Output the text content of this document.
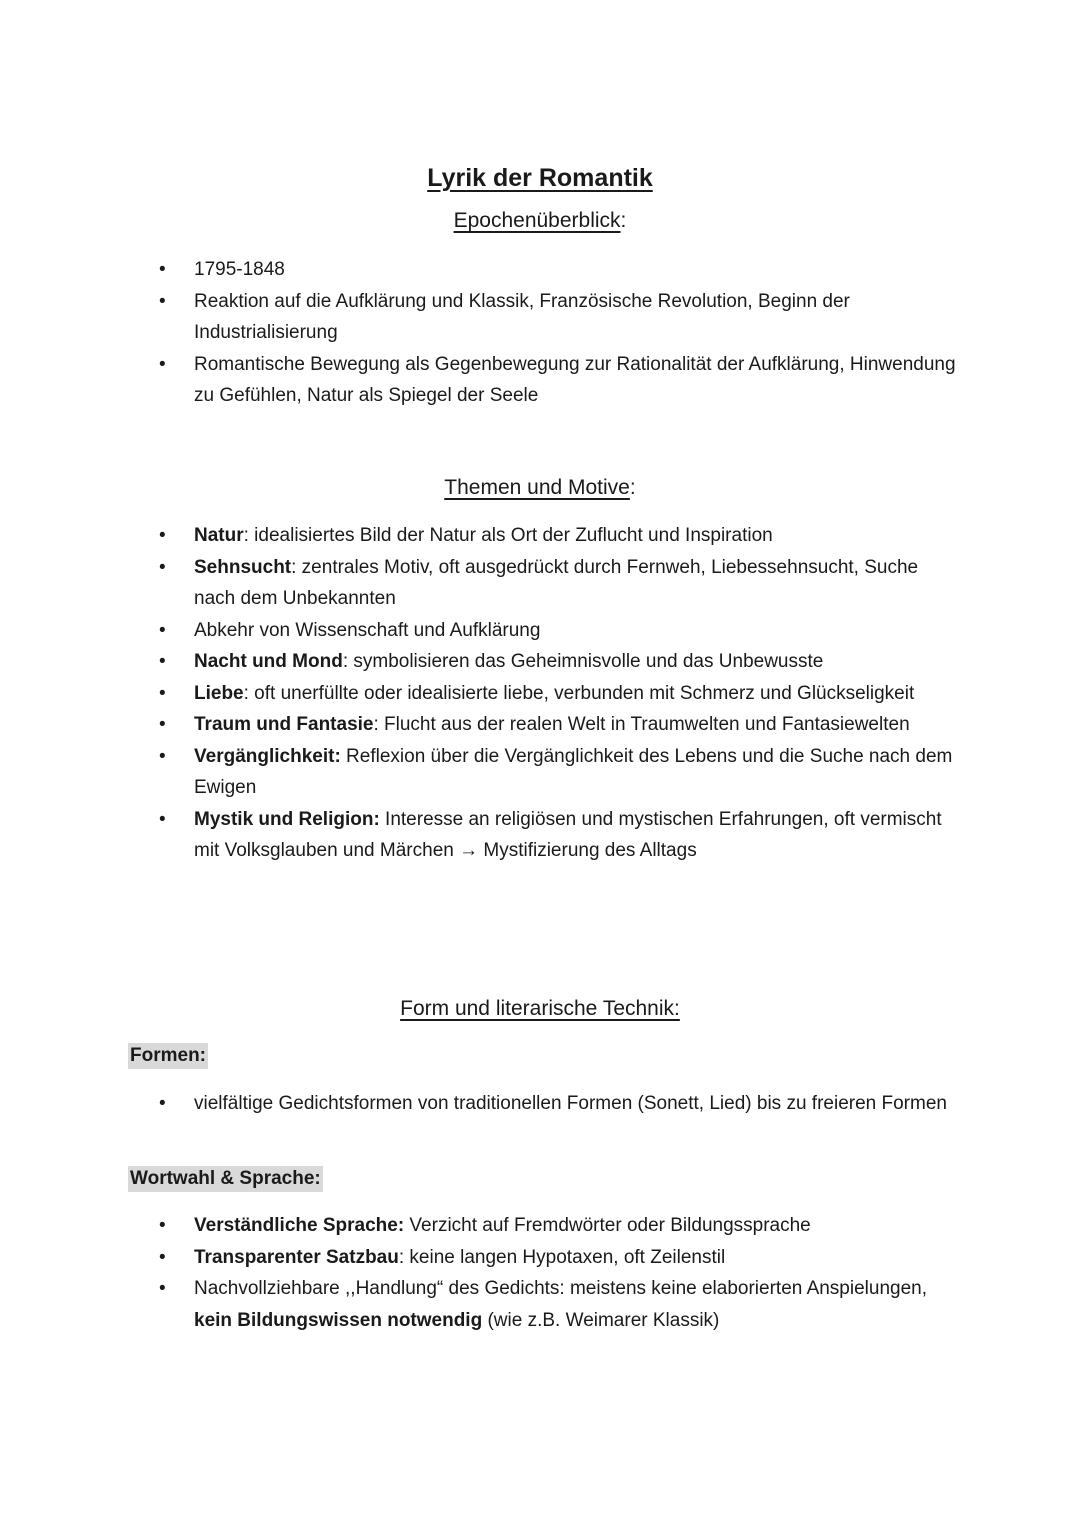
Lyrik der Romantik
Epochenüberblick:
• 1795-1848
• Reaktion auf die Aufklärung und Klassik, Französische Revolution, Beginn der Industrialisierung
• Romantische Bewegung als Gegenbewegung zur Rationalität der Aufklärung, Hinwendung zu Gefühlen, Natur als Spiegel der Seele
Themen und Motive:
• Natur: idealisiertes Bild der Natur als Ort der Zuflucht und Inspiration
• Sehnsucht: zentrales Motiv, oft ausgedrückt durch Fernweh, Liebessehnsucht, Suche nach dem Unbekannten
• Abkehr von Wissenschaft und Aufklärung
• Nacht und Mond: symbolisieren das Geheimnisvolle und das Unbewusste
• Liebe: oft unerfüllte oder idealisierte liebe, verbunden mit Schmerz und Glückseligkeit
• Traum und Fantasie: Flucht aus der realen Welt in Traumwelten und Fantasiewelten
• Vergänglichkeit: Reflexion über die Vergänglichkeit des Lebens und die Suche nach dem Ewigen
• Mystik und Religion: Interesse an religiösen und mystischen Erfahrungen, oft vermischt mit Volksglauben und Märchen → Mystifizierung des Alltags
Form und literarische Technik:
Formen:
• vielfältige Gedichtsformen von traditionellen Formen (Sonett, Lied) bis zu freieren Formen
Wortwahl & Sprache:
• Verständliche Sprache: Verzicht auf Fremdwörter oder Bildungssprache
• Transparenter Satzbau: keine langen Hypotaxen, oft Zeilenstil
• Nachvollziehbare ,,Handlung“ des Gedichts: meistens keine elaborierten Anspielungen, kein Bildungswissen notwendig (wie z.B. Weimarer Klassik)
